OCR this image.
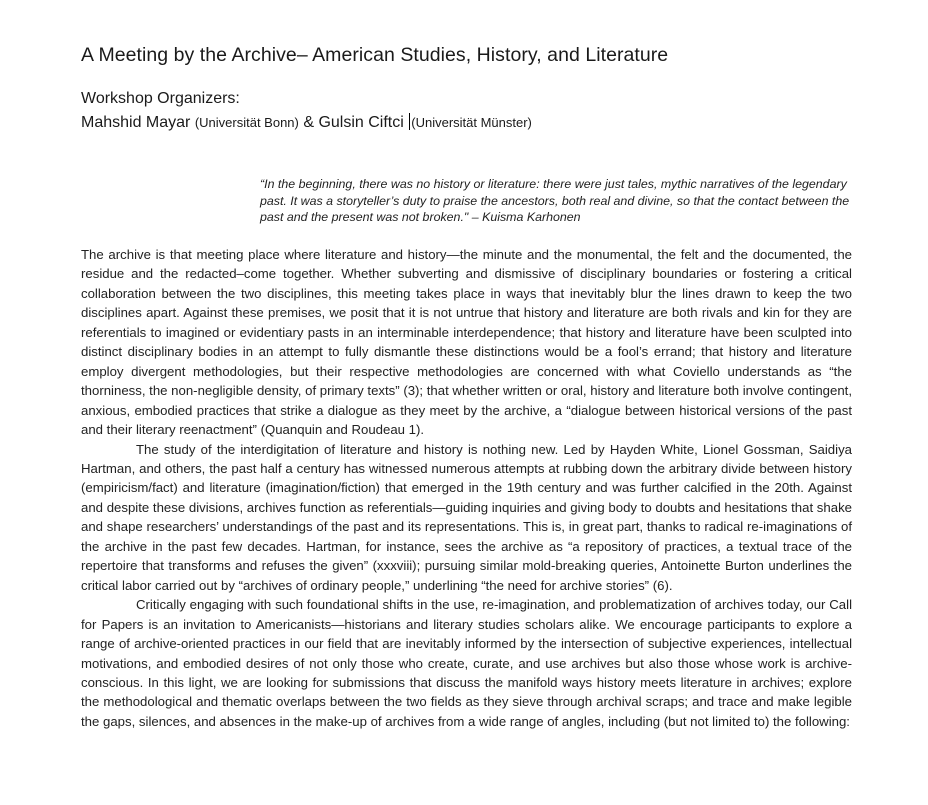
A Meeting by the Archive– American Studies, History, and Literature
Workshop Organizers:
Mahshid Mayar (Universität Bonn) & Gulsin Ciftci (Universität Münster)
“In the beginning, there was no history or literature: there were just tales, mythic narratives of the legendary
past. It was a storyteller’s duty to praise the ancestors, both real and divine, so that the contact between the
past and the present was not broken." – Kuisma Karhonen

The archive is that meeting place where literature and history—the minute and the monumental, the felt and the documented, the residue and the redacted–come together. Whether subverting and dismissive of disciplinary boundaries or fostering a critical collaboration between the two disciplines, this meeting takes place in ways that inevitably blur the lines drawn to keep the two disciplines apart. Against these premises, we posit that it is not untrue that history and literature are both rivals and kin for they are referentials to imagined or evidentiary pasts in an interminable interdependence; that history and literature have been sculpted into distinct disciplinary bodies in an attempt to fully dismantle these distinctions would be a fool’s errand; that history and literature employ divergent methodologies, but their respective methodologies are concerned with what Coviello understands as “the thorniness, the non-negligible density, of primary texts” (3); that whether written or oral, history and literature both involve contingent, anxious, embodied practices that strike a dialogue as they meet by the archive, a “dialogue between historical versions of the past and their literary reenactment” (Quanquin and Roudeau 1).

The study of the interdigitation of literature and history is nothing new. Led by Hayden White, Lionel Gossman, Saidiya Hartman, and others, the past half a century has witnessed numerous attempts at rubbing down the arbitrary divide between history (empiricism/fact) and literature (imagination/fiction) that emerged in the 19th century and was further calcified in the 20th. Against and despite these divisions, archives function as referentials—guiding inquiries and giving body to doubts and hesitations that shake and shape researchers’ understandings of the past and its representations. This is, in great part, thanks to radical re-imaginations of the archive in the past few decades. Hartman, for instance, sees the archive as “a repository of practices, a textual trace of the repertoire that transforms and refuses the given” (xxxviii); pursuing similar mold-breaking queries, Antoinette Burton underlines the critical labor carried out by “archives of ordinary people,” underlining “the need for archive stories” (6).

Critically engaging with such foundational shifts in the use, re-imagination, and problematization of archives today, our Call for Papers is an invitation to Americanists—historians and literary studies scholars alike. We encourage participants to explore a range of archive-oriented practices in our field that are inevitably informed by the intersection of subjective experiences, intellectual motivations, and embodied desires of not only those who create, curate, and use archives but also those whose work is archive-conscious. In this light, we are looking for submissions that discuss the manifold ways history meets literature in archives; explore the methodological and thematic overlaps between the two fields as they sieve through archival scraps; and trace and make legible the gaps, silences, and absences in the make-up of archives from a wide range of angles, including (but not limited to) the following:
